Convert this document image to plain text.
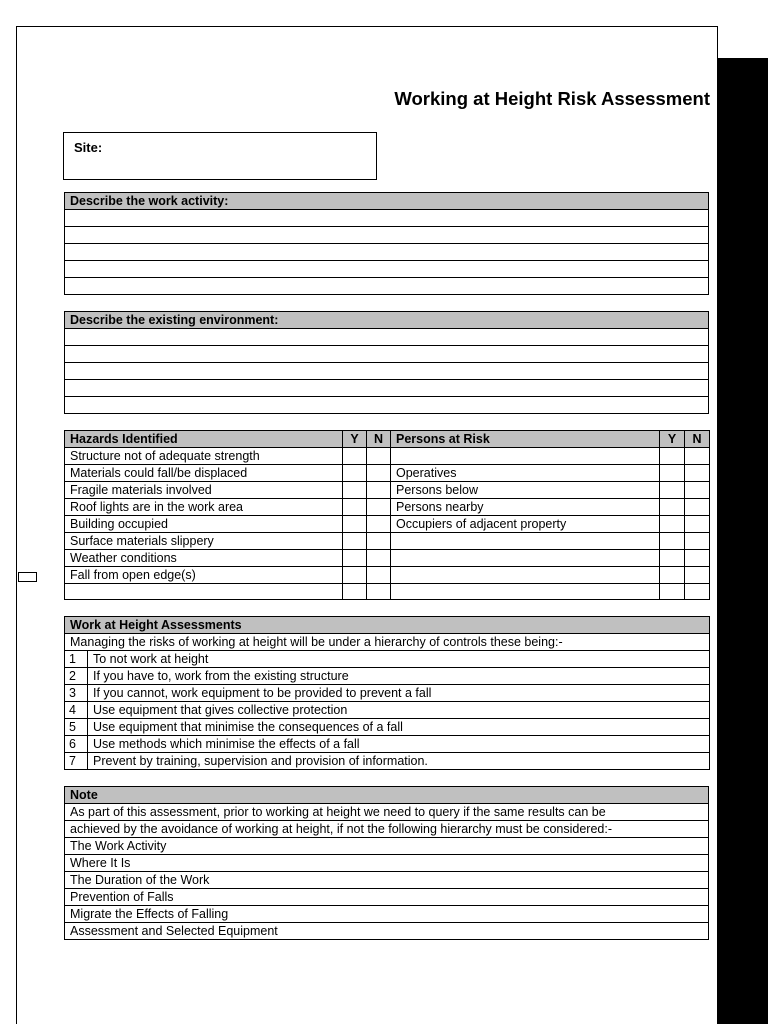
Working at Height Risk Assessment
Site:
Describe the work activity:

Describe the existing environment:

Hazards Identified	Y	N	Persons at Risk	Y	N
Structure not of adequate strength					
Materials could fall/be displaced			Operatives		
Fragile materials involved			Persons below		
Roof lights are in the work area			Persons nearby		
Building occupied			Occupiers of adjacent property		
Surface materials slippery					
Weather conditions					
Fall from open edge(s)					

Work at Height Assessments	
Managing the risks of working at height will be under a hierarchy of controls these being:-	
1	To not work at height
2	If you have to, work from the existing structure
3	If you cannot, work equipment to be provided to prevent a fall
4	Use equipment that gives collective protection
5	Use equipment that minimise the consequences of a fall
6	Use methods which minimise the effects of a fall
7	Prevent by training, supervision and provision of information.
Note
As part of this assessment, prior to working at height we need to query if the same results can be
achieved by the avoidance of working at height, if not the following hierarchy must be considered:-
The Work Activity
Where It Is
The Duration of the Work
Prevention of Falls
Migrate the Effects of Falling
Assessment and Selected Equipment
